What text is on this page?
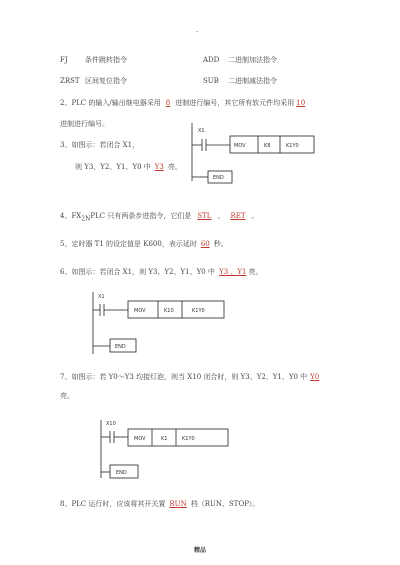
.
FJ 条件跳转指令	ADD 二进制加法指令
ZRST 区间复位指令	SUB 二进制减法指令
2、PLC 的输入/输出继电器采用 8 进制进行编号，其它所有软元件均采用 10
进制进行编号。
3、如图示：若闭合 X1，
则 Y3、Y2、Y1、Y0 中 Y3 亮。
X1
MOV	K8	K1Y0
END
4、$FX_{2N}PLC$ 只有两条步进指令，它们是 STL 、 RET 。
5、定时器 T1 的设定值是 K600，表示延时 60 秒。
6、如图示：若闭合 X1，则 Y3、Y2、Y1、Y0 中 Y3 、Y1 亮。
X1
MOV	K10	K1Y0
END
7、如图示：若 Y0～Y3 均接灯泡，则当 X10 闭合时，则 Y3、Y2、Y1、Y0 中 Y0
亮。
X10
MOV	K1	K1Y0
END
8、PLC 运行时，应该将其开关置 RUN 档（RUN、STOP）。
精品
